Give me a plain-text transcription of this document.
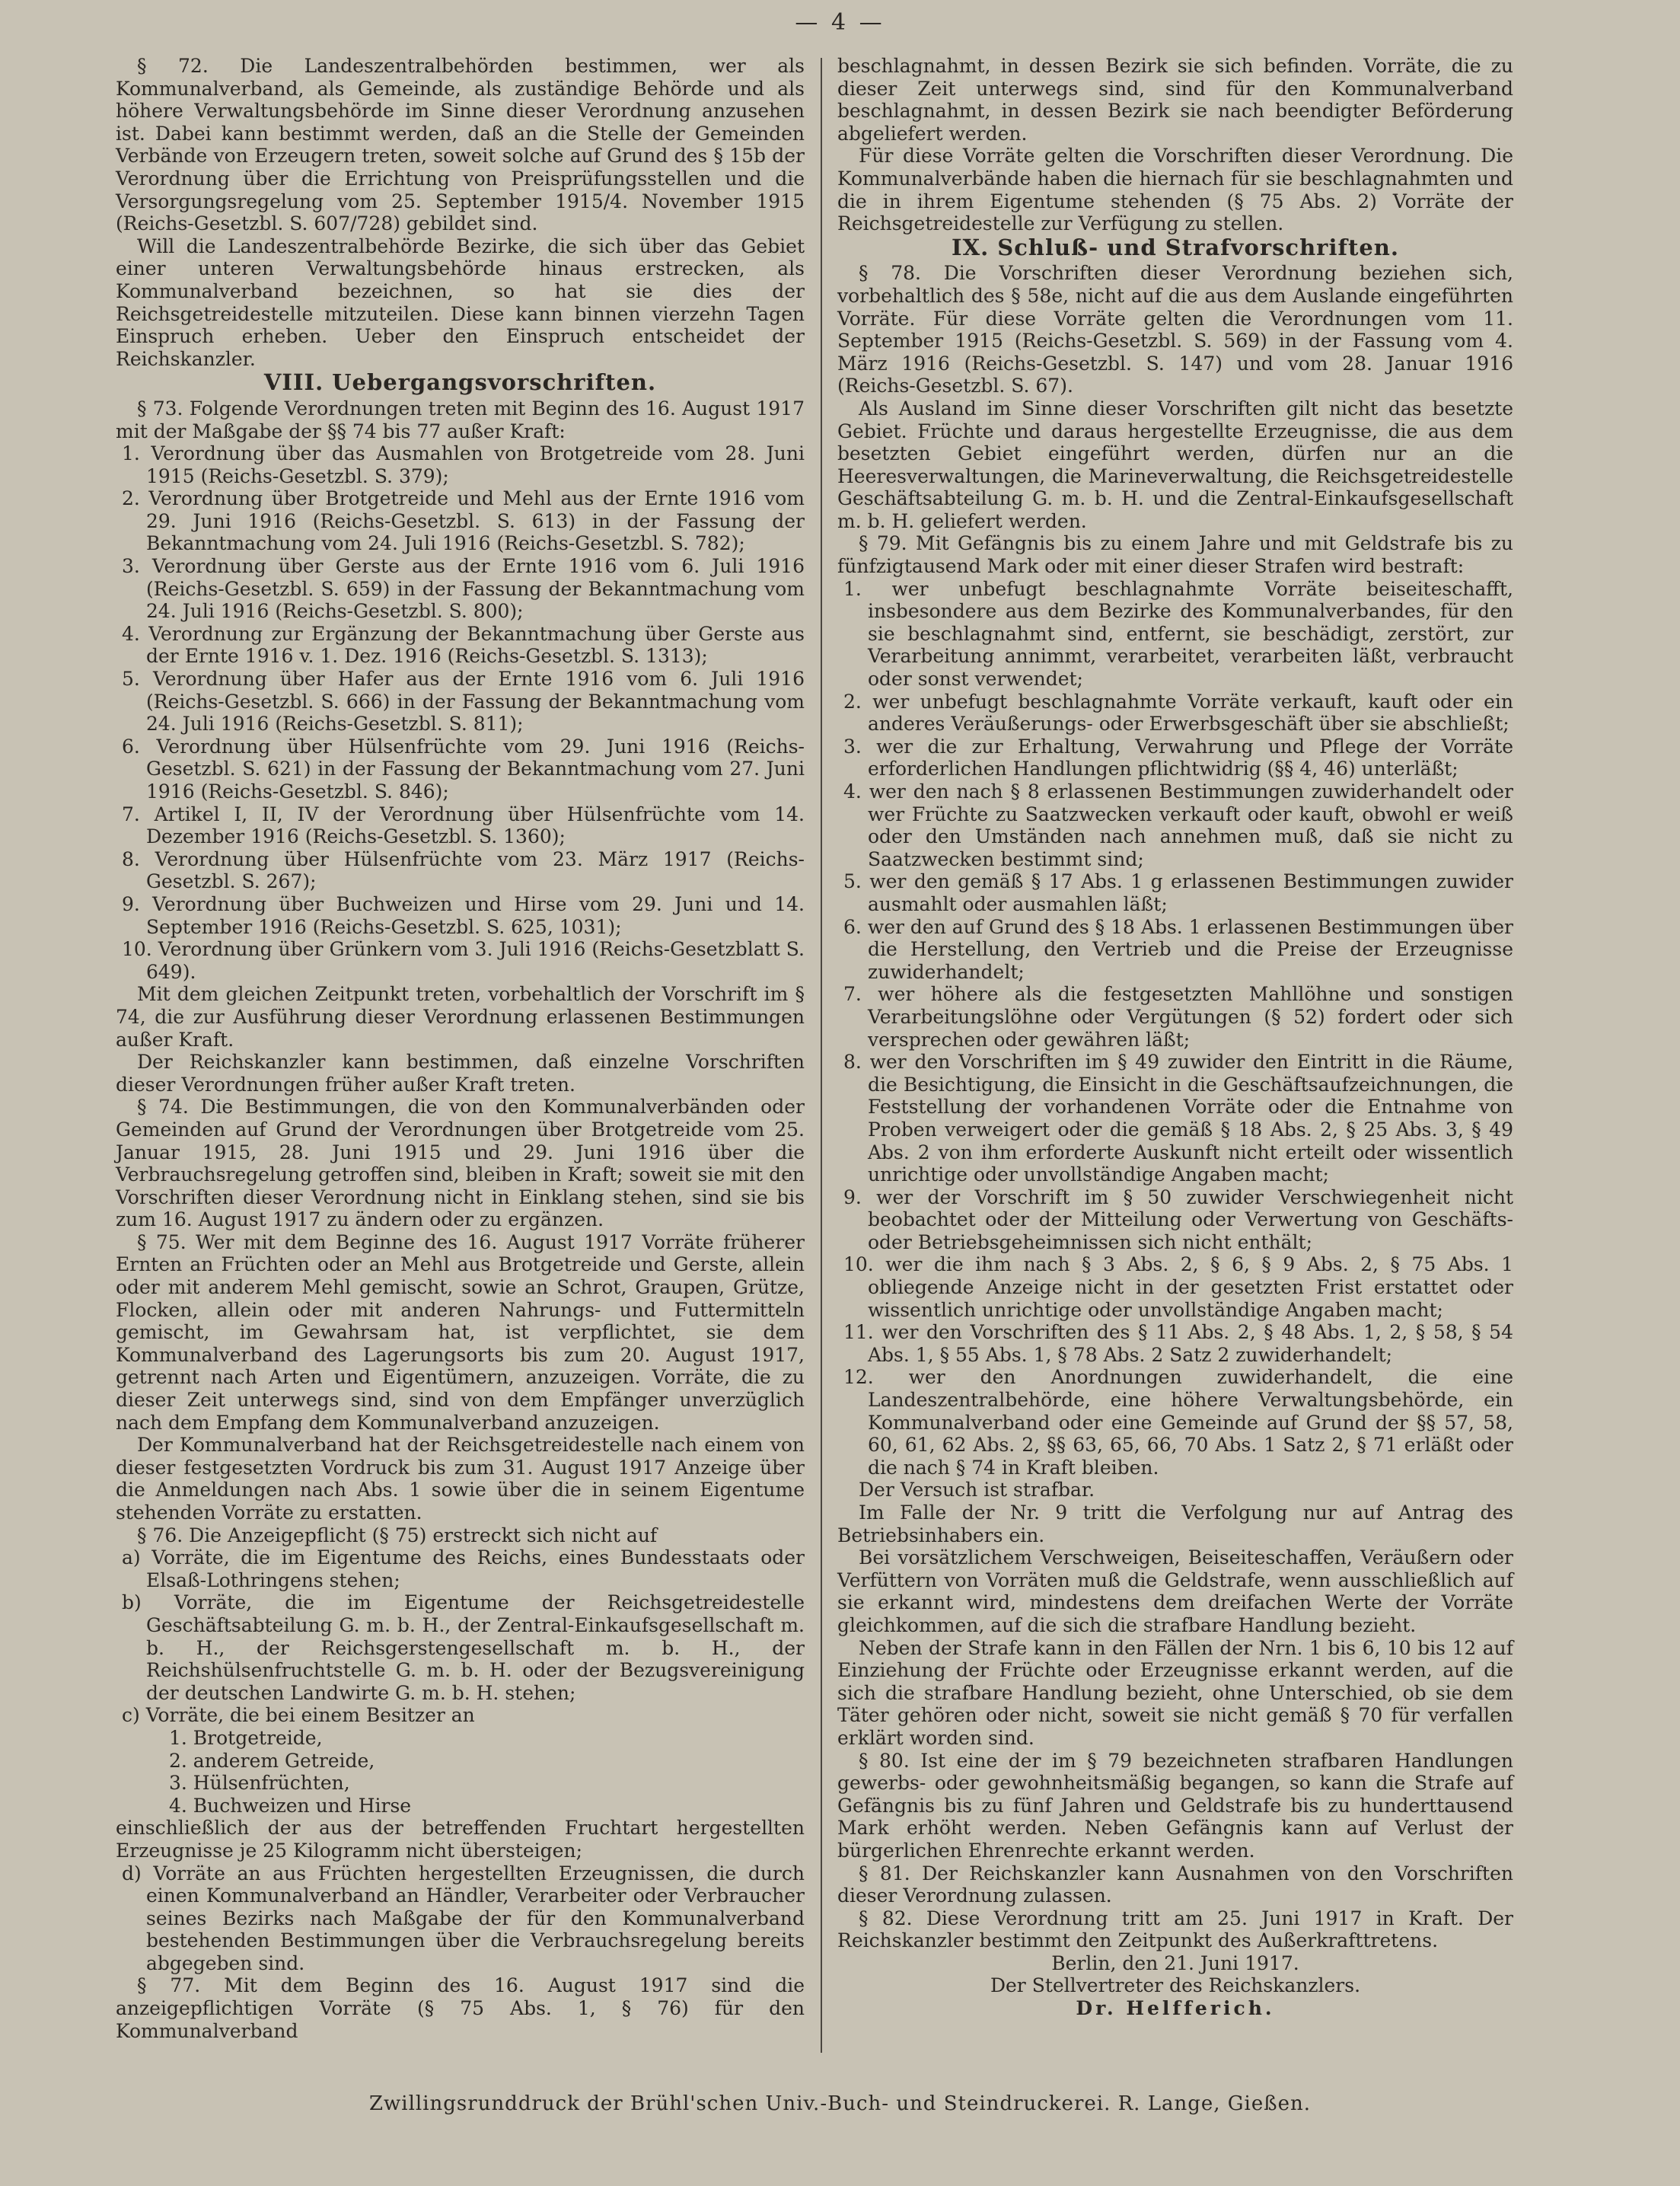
— 4 —

§ 72. Die Landeszentralbehörden bestimmen, wer als Kommunalverband, als Gemeinde, als zuständige Behörde und als höhere Verwaltungsbehörde im Sinne dieser Verordnung anzusehen ist. Dabei kann bestimmt werden, daß an die Stelle der Gemeinden Verbände von Erzeugern treten, soweit solche auf Grund des § 15b der Verordnung über die Errichtung von Preisprüfungsstellen und die Versorgungsregelung vom 25. September 1915/4. November 1915 (Reichs-Gesetzbl. S. 607/728) gebildet sind.

Will die Landeszentralbehörde Bezirke, die sich über das Gebiet einer unteren Verwaltungsbehörde hinaus erstrecken, als Kommunalverband bezeichnen, so hat sie dies der Reichsgetreidestelle mitzuteilen. Diese kann binnen vierzehn Tagen Einspruch erheben. Ueber den Einspruch entscheidet der Reichskanzler.

VIII. Uebergangsvorschriften.

§ 73. Folgende Verordnungen treten mit Beginn des 16. August 1917 mit der Maßgabe der §§ 74 bis 77 außer Kraft:

1. Verordnung über das Ausmahlen von Brotgetreide vom 28. Juni 1915 (Reichs-Gesetzbl. S. 379);

2. Verordnung über Brotgetreide und Mehl aus der Ernte 1916 vom 29. Juni 1916 (Reichs-Gesetzbl. S. 613) in der Fassung der Bekanntmachung vom 24. Juli 1916 (Reichs-Gesetzbl. S. 782);

3. Verordnung über Gerste aus der Ernte 1916 vom 6. Juli 1916 (Reichs-Gesetzbl. S. 659) in der Fassung der Bekanntmachung vom 24. Juli 1916 (Reichs-Gesetzbl. S. 800);

4. Verordnung zur Ergänzung der Bekanntmachung über Gerste aus der Ernte 1916 v. 1. Dez. 1916 (Reichs-Gesetzbl. S. 1313);

5. Verordnung über Hafer aus der Ernte 1916 vom 6. Juli 1916 (Reichs-Gesetzbl. S. 666) in der Fassung der Bekanntmachung vom 24. Juli 1916 (Reichs-Gesetzbl. S. 811);

6. Verordnung über Hülsenfrüchte vom 29. Juni 1916 (Reichs-Gesetzbl. S. 621) in der Fassung der Bekanntmachung vom 27. Juni 1916 (Reichs-Gesetzbl. S. 846);

7. Artikel I, II, IV der Verordnung über Hülsenfrüchte vom 14. Dezember 1916 (Reichs-Gesetzbl. S. 1360);

8. Verordnung über Hülsenfrüchte vom 23. März 1917 (Reichs-Gesetzbl. S. 267);

9. Verordnung über Buchweizen und Hirse vom 29. Juni und 14. September 1916 (Reichs-Gesetzbl. S. 625, 1031);

10. Verordnung über Grünkern vom 3. Juli 1916 (Reichs-Gesetzblatt S. 649).

Mit dem gleichen Zeitpunkt treten, vorbehaltlich der Vorschrift im § 74, die zur Ausführung dieser Verordnung erlassenen Bestimmungen außer Kraft.

Der Reichskanzler kann bestimmen, daß einzelne Vorschriften dieser Verordnungen früher außer Kraft treten.

§ 74. Die Bestimmungen, die von den Kommunalverbänden oder Gemeinden auf Grund der Verordnungen über Brotgetreide vom 25. Januar 1915, 28. Juni 1915 und 29. Juni 1916 über die Verbrauchsregelung getroffen sind, bleiben in Kraft; soweit sie mit den Vorschriften dieser Verordnung nicht in Einklang stehen, sind sie bis zum 16. August 1917 zu ändern oder zu ergänzen.

§ 75. Wer mit dem Beginne des 16. August 1917 Vorräte früherer Ernten an Früchten oder an Mehl aus Brotgetreide und Gerste, allein oder mit anderem Mehl gemischt, sowie an Schrot, Graupen, Grütze, Flocken, allein oder mit anderen Nahrungs- und Futtermitteln gemischt, im Gewahrsam hat, ist verpflichtet, sie dem Kommunalverband des Lagerungsorts bis zum 20. August 1917, getrennt nach Arten und Eigentümern, anzuzeigen. Vorräte, die zu dieser Zeit unterwegs sind, sind von dem Empfänger unverzüglich nach dem Empfang dem Kommunalverband anzuzeigen.

Der Kommunalverband hat der Reichsgetreidestelle nach einem von dieser festgesetzten Vordruck bis zum 31. August 1917 Anzeige über die Anmeldungen nach Abs. 1 sowie über die in seinem Eigentume stehenden Vorräte zu erstatten.

§ 76. Die Anzeigepflicht (§ 75) erstreckt sich nicht auf

a) Vorräte, die im Eigentume des Reichs, eines Bundesstaats oder Elsaß-Lothringens stehen;

b) Vorräte, die im Eigentume der Reichsgetreidestelle Geschäftsabteilung G. m. b. H., der Zentral-Einkaufsgesellschaft m. b. H., der Reichsgerstengesellschaft m. b. H., der Reichshülsenfruchtstelle G. m. b. H. oder der Bezugsvereinigung der deutschen Landwirte G. m. b. H. stehen;

c) Vorräte, die bei einem Besitzer an

1. Brotgetreide,

2. anderem Getreide,

3. Hülsenfrüchten,

4. Buchweizen und Hirse

einschließlich der aus der betreffenden Fruchtart hergestellten Erzeugnisse je 25 Kilogramm nicht übersteigen;

d) Vorräte an aus Früchten hergestellten Erzeugnissen, die durch einen Kommunalverband an Händler, Verarbeiter oder Verbraucher seines Bezirks nach Maßgabe der für den Kommunalverband bestehenden Bestimmungen über die Verbrauchsregelung bereits abgegeben sind.

§ 77. Mit dem Beginn des 16. August 1917 sind die anzeigepflichtigen Vorräte (§ 75 Abs. 1, § 76) für den Kommunalverband

beschlagnahmt, in dessen Bezirk sie sich befinden. Vorräte, die zu dieser Zeit unterwegs sind, sind für den Kommunalverband beschlagnahmt, in dessen Bezirk sie nach beendigter Beförderung abgeliefert werden.

Für diese Vorräte gelten die Vorschriften dieser Verordnung. Die Kommunalverbände haben die hiernach für sie beschlagnahmten und die in ihrem Eigentume stehenden (§ 75 Abs. 2) Vorräte der Reichsgetreidestelle zur Verfügung zu stellen.

IX. Schluß- und Strafvorschriften.

§ 78. Die Vorschriften dieser Verordnung beziehen sich, vorbehaltlich des § 58e, nicht auf die aus dem Auslande eingeführten Vorräte. Für diese Vorräte gelten die Verordnungen vom 11. September 1915 (Reichs-Gesetzbl. S. 569) in der Fassung vom 4. März 1916 (Reichs-Gesetzbl. S. 147) und vom 28. Januar 1916 (Reichs-Gesetzbl. S. 67).

Als Ausland im Sinne dieser Vorschriften gilt nicht das besetzte Gebiet. Früchte und daraus hergestellte Erzeugnisse, die aus dem besetzten Gebiet eingeführt werden, dürfen nur an die Heeresverwaltungen, die Marineverwaltung, die Reichsgetreidestelle Geschäftsabteilung G. m. b. H. und die Zentral-Einkaufsgesellschaft m. b. H. geliefert werden.

§ 79. Mit Gefängnis bis zu einem Jahre und mit Geldstrafe bis zu fünfzigtausend Mark oder mit einer dieser Strafen wird bestraft:

1. wer unbefugt beschlagnahmte Vorräte beiseiteschafft, insbesondere aus dem Bezirke des Kommunalverbandes, für den sie beschlagnahmt sind, entfernt, sie beschädigt, zerstört, zur Verarbeitung annimmt, verarbeitet, verarbeiten läßt, verbraucht oder sonst verwendet;

2. wer unbefugt beschlagnahmte Vorräte verkauft, kauft oder ein anderes Veräußerungs- oder Erwerbsgeschäft über sie abschließt;

3. wer die zur Erhaltung, Verwahrung und Pflege der Vorräte erforderlichen Handlungen pflichtwidrig (§§ 4, 46) unterläßt;

4. wer den nach § 8 erlassenen Bestimmungen zuwiderhandelt oder wer Früchte zu Saatzwecken verkauft oder kauft, obwohl er weiß oder den Umständen nach annehmen muß, daß sie nicht zu Saatzwecken bestimmt sind;

5. wer den gemäß § 17 Abs. 1 g erlassenen Bestimmungen zuwider ausmahlt oder ausmahlen läßt;

6. wer den auf Grund des § 18 Abs. 1 erlassenen Bestimmungen über die Herstellung, den Vertrieb und die Preise der Erzeugnisse zuwiderhandelt;

7. wer höhere als die festgesetzten Mahllöhne und sonstigen Verarbeitungslöhne oder Vergütungen (§ 52) fordert oder sich versprechen oder gewähren läßt;

8. wer den Vorschriften im § 49 zuwider den Eintritt in die Räume, die Besichtigung, die Einsicht in die Geschäftsaufzeichnungen, die Feststellung der vorhandenen Vorräte oder die Entnahme von Proben verweigert oder die gemäß § 18 Abs. 2, § 25 Abs. 3, § 49 Abs. 2 von ihm erforderte Auskunft nicht erteilt oder wissentlich unrichtige oder unvollständige Angaben macht;

9. wer der Vorschrift im § 50 zuwider Verschwiegenheit nicht beobachtet oder der Mitteilung oder Verwertung von Geschäfts- oder Betriebsgeheimnissen sich nicht enthält;

10. wer die ihm nach § 3 Abs. 2, § 6, § 9 Abs. 2, § 75 Abs. 1 obliegende Anzeige nicht in der gesetzten Frist erstattet oder wissentlich unrichtige oder unvollständige Angaben macht;

11. wer den Vorschriften des § 11 Abs. 2, § 48 Abs. 1, 2, § 58, § 54 Abs. 1, § 55 Abs. 1, § 78 Abs. 2 Satz 2 zuwiderhandelt;

12. wer den Anordnungen zuwiderhandelt, die eine Landeszentralbehörde, eine höhere Verwaltungsbehörde, ein Kommunalverband oder eine Gemeinde auf Grund der §§ 57, 58, 60, 61, 62 Abs. 2, §§ 63, 65, 66, 70 Abs. 1 Satz 2, § 71 erläßt oder die nach § 74 in Kraft bleiben.

Der Versuch ist strafbar.

Im Falle der Nr. 9 tritt die Verfolgung nur auf Antrag des Betriebsinhabers ein.

Bei vorsätzlichem Verschweigen, Beiseiteschaffen, Veräußern oder Verfüttern von Vorräten muß die Geldstrafe, wenn ausschließlich auf sie erkannt wird, mindestens dem dreifachen Werte der Vorräte gleichkommen, auf die sich die strafbare Handlung bezieht.

Neben der Strafe kann in den Fällen der Nrn. 1 bis 6, 10 bis 12 auf Einziehung der Früchte oder Erzeugnisse erkannt werden, auf die sich die strafbare Handlung bezieht, ohne Unterschied, ob sie dem Täter gehören oder nicht, soweit sie nicht gemäß § 70 für verfallen erklärt worden sind.

§ 80. Ist eine der im § 79 bezeichneten strafbaren Handlungen gewerbs- oder gewohnheitsmäßig begangen, so kann die Strafe auf Gefängnis bis zu fünf Jahren und Geldstrafe bis zu hunderttausend Mark erhöht werden. Neben Gefängnis kann auf Verlust der bürgerlichen Ehrenrechte erkannt werden.

§ 81. Der Reichskanzler kann Ausnahmen von den Vorschriften dieser Verordnung zulassen.

§ 82. Diese Verordnung tritt am 25. Juni 1917 in Kraft. Der Reichskanzler bestimmt den Zeitpunkt des Außerkrafttretens.

Berlin, den 21. Juni 1917.

Der Stellvertreter des Reichskanzlers.

Dr. Helfferich.

Zwillingsrunddruck der Brühl'schen Univ.-Buch- und Steindruckerei. R. Lange, Gießen.
